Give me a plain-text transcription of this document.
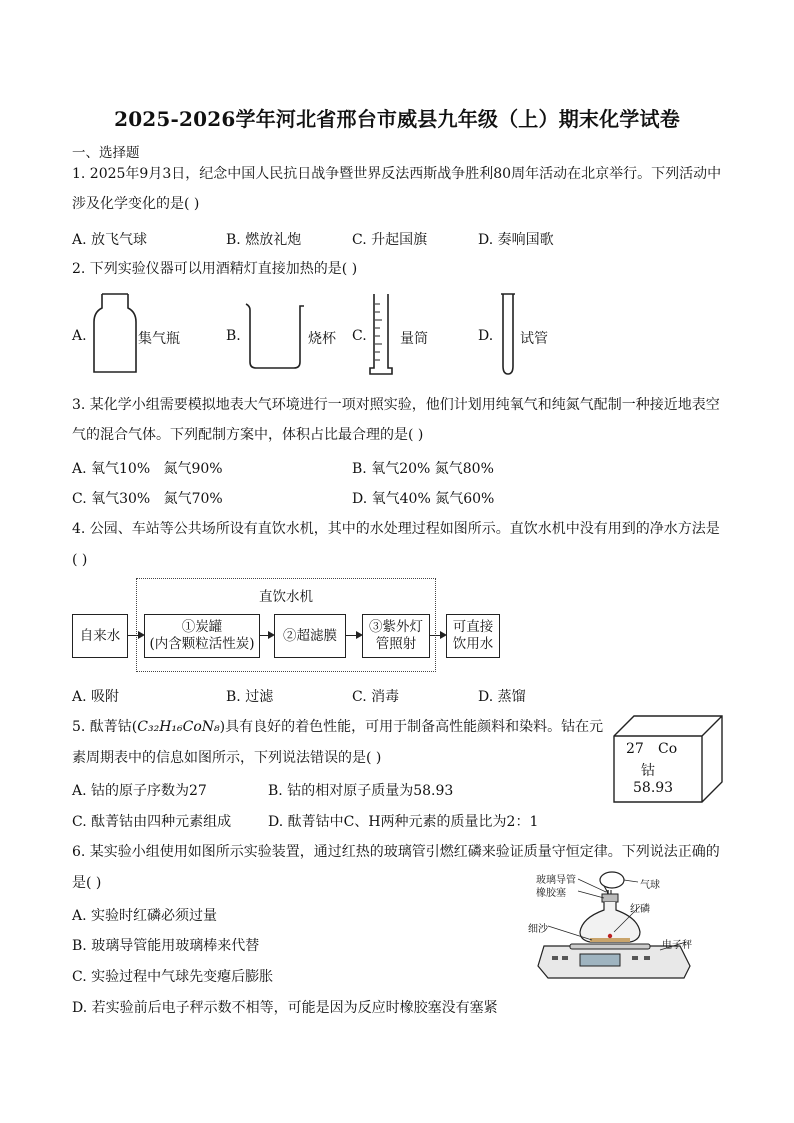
2025-2026学年河北省邢台市威县九年级（上）期末化学试卷
一、选择题
1. 2025年9月3日，纪念中国人民抗日战争暨世界反法西斯战争胜利80周年活动在北京举行。下列活动中
涉及化学变化的是( )
A. 放飞气球	B. 燃放礼炮	C. 升起国旗	D. 奏响国歌
2. 下列实验仪器可以用酒精灯直接加热的是( )
A.	集气瓶	B.	烧杯 C. 量筒	D. 试管
3. 某化学小组需要模拟地表大气环境进行一项对照实验，他们计划用纯氧气和纯氮气配制一种接近地表空
气的混合气体。下列配制方案中，体积占比最合理的是( )
A. 氧气10%   氮气90%	B. 氧气20% 氮气80%
C. 氧气30%   氮气70%	D. 氧气40% 氮气60%
4. 公园、车站等公共场所设有直饮水机，其中的水处理过程如图所示。直饮水机中没有用到的净水方法是
( )
直饮水机
自来水
①炭罐
(内含颗粒活性炭)	②超滤膜
③紫外灯
管照射
可直接
饮用水
A. 吸附	B. 过滤	C. 消毒	D. 蒸馏
5. 酞菁钴(C₃₂H₁₆CoN₈)具有良好的着色性能，可用于制备高性能颜料和染料。钴在元
素周期表中的信息如图所示，下列说法错误的是( )
A. 钴的原子序数为27	B. 钴的相对原子质量为58.93
C. 酞菁钴由四种元素组成	D. 酞菁钴中C、H两种元素的质量比为2：1
27 Co
钴
58.93
6. 某实验小组使用如图所示实验装置，通过红热的玻璃管引燃红磷来验证质量守恒定律。下列说法正确的
是( )
A. 实验时红磷必须过量
B. 玻璃导管能用玻璃棒来代替
C. 实验过程中气球先变瘪后膨胀
D. 若实验前后电子秤示数不相等，可能是因为反应时橡胶塞没有塞紧
玻璃导管
橡胶塞
气球
红磷
细沙
电子秤
